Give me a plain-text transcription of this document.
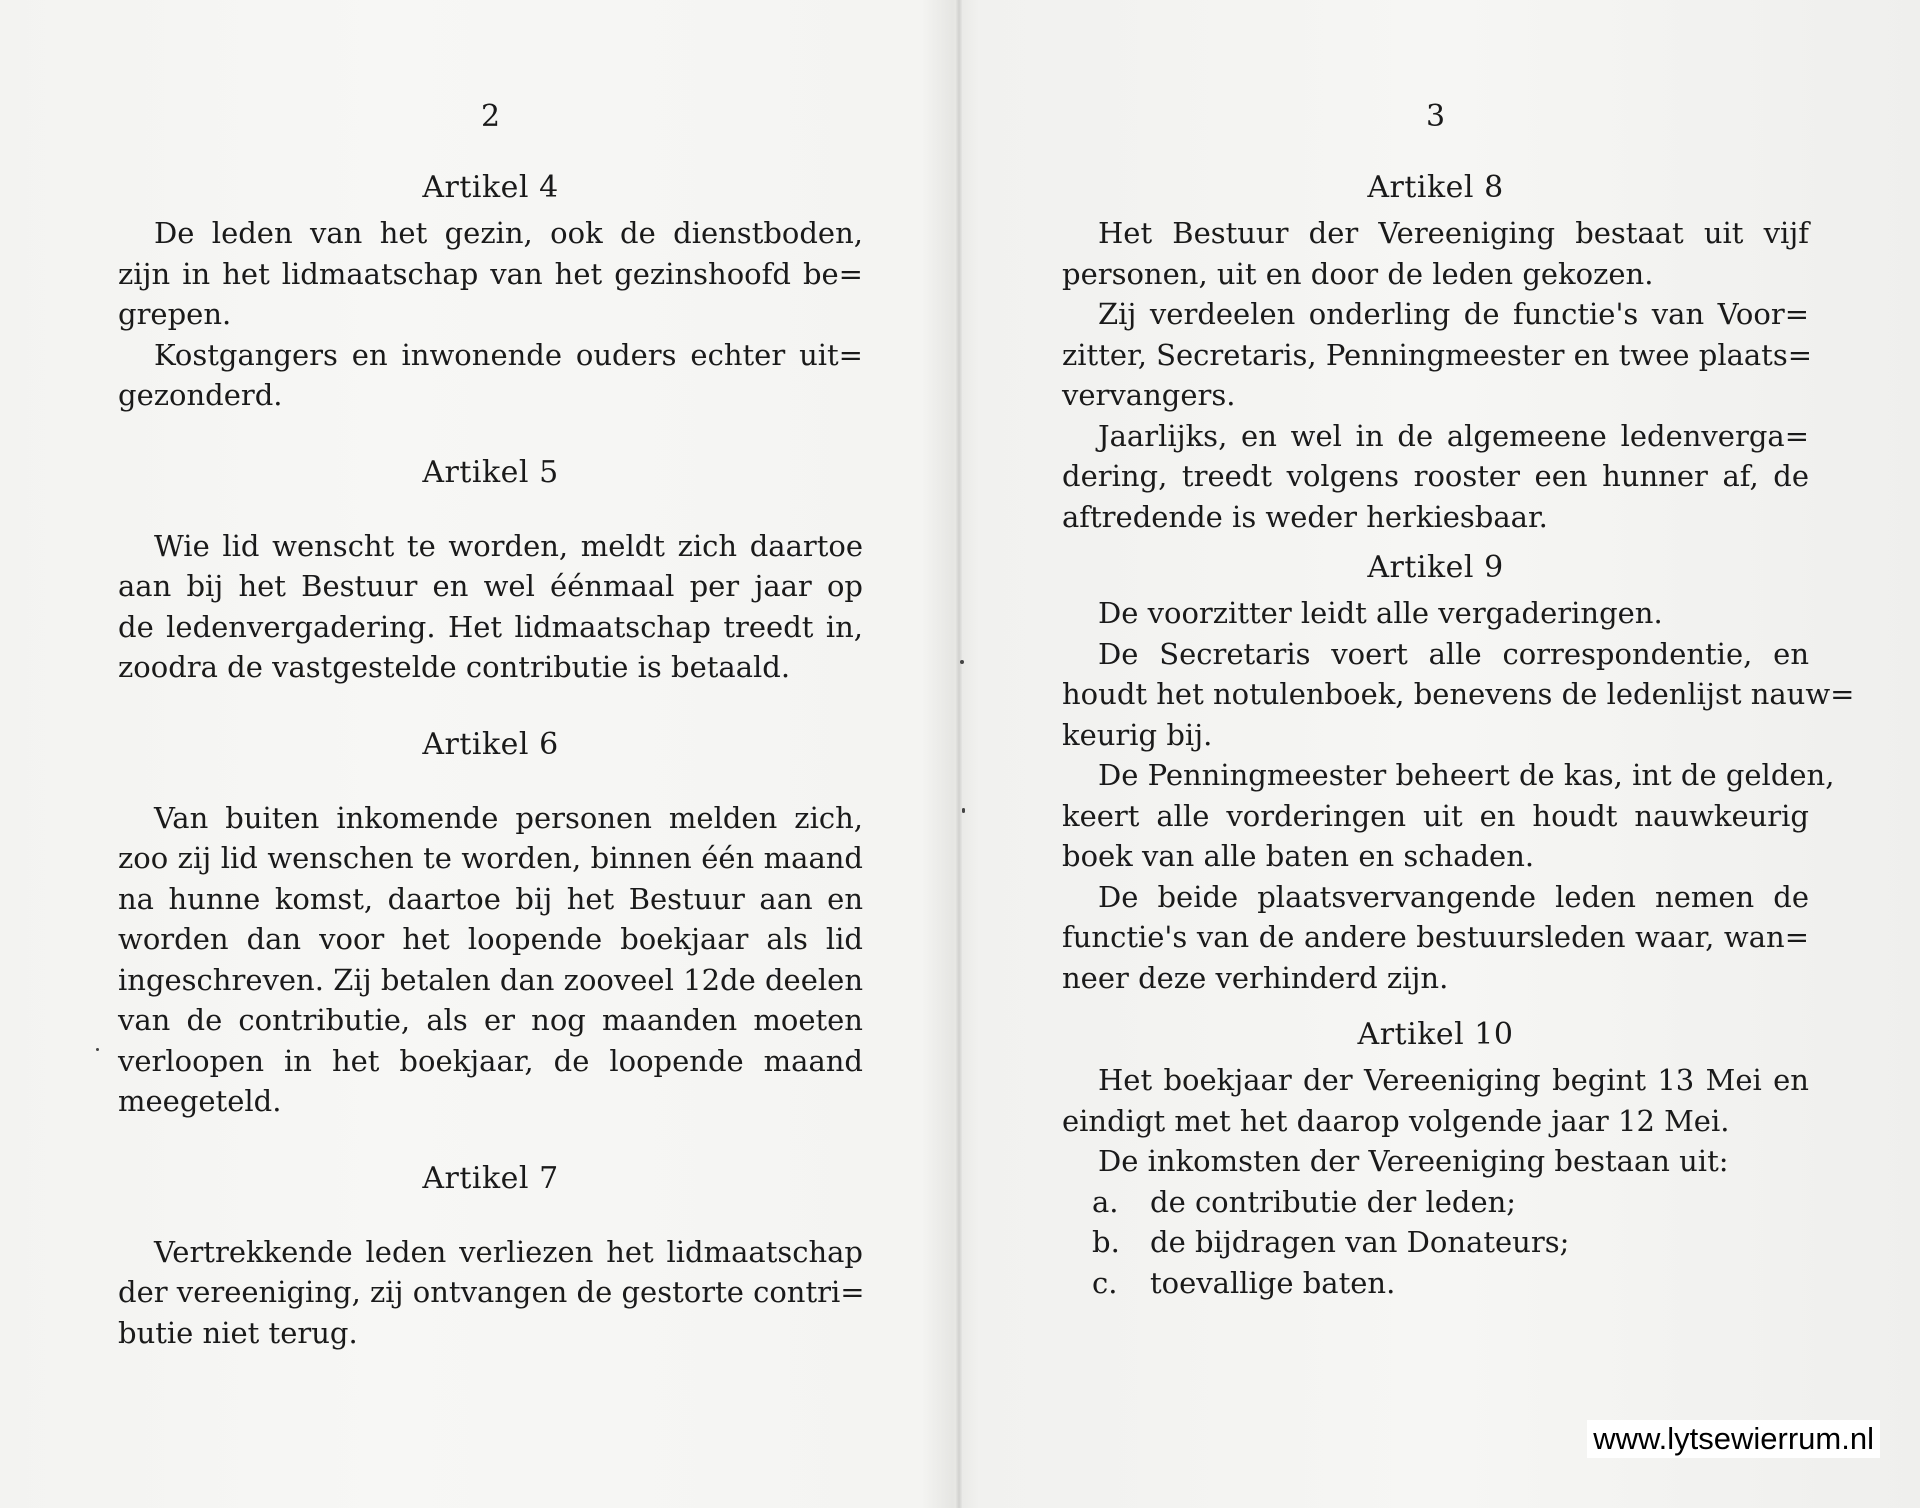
2
Artikel 4
De leden van het gezin, ook de dienstboden,
zijn in het lidmaatschap van het gezinshoofd be=
grepen.
Kostgangers en inwonende ouders echter uit=
gezonderd.
Artikel 5
Wie lid wenscht te worden, meldt zich daartoe
aan bij het Bestuur en wel éénmaal per jaar op
de ledenvergadering. Het lidmaatschap treedt in,
zoodra de vastgestelde contributie is betaald.
Artikel 6
Van buiten inkomende personen melden zich,
zoo zij lid wenschen te worden, binnen één maand
na hunne komst, daartoe bij het Bestuur aan en
worden dan voor het loopende boekjaar als lid
ingeschreven. Zij betalen dan zooveel 12de deelen
van de contributie, als er nog maanden moeten
verloopen in het boekjaar, de loopende maand
meegeteld.
Artikel 7
Vertrekkende leden verliezen het lidmaatschap
der vereeniging, zij ontvangen de gestorte contri=
butie niet terug.
3
Artikel 8
Het Bestuur der Vereeniging bestaat uit vijf
personen, uit en door de leden gekozen.
Zij verdeelen onderling de functie's van Voor=
zitter, Secretaris, Penningmeester en twee plaats=
vervangers.
Jaarlijks, en wel in de algemeene ledenverga=
dering, treedt volgens rooster een hunner af, de
aftredende is weder herkiesbaar.
Artikel 9
De voorzitter leidt alle vergaderingen.
De Secretaris voert alle correspondentie, en
houdt het notulenboek, benevens de ledenlijst nauw=
keurig bij.
De Penningmeester beheert de kas, int de gelden,
keert alle vorderingen uit en houdt nauwkeurig
boek van alle baten en schaden.
De beide plaatsvervangende leden nemen de
functie's van de andere bestuursleden waar, wan=
neer deze verhinderd zijn.
Artikel 10
Het boekjaar der Vereeniging begint 13 Mei en
eindigt met het daarop volgende jaar 12 Mei.
De inkomsten der Vereeniging bestaan uit:
a. de contributie der leden;
b. de bijdragen van Donateurs;
c. toevallige baten.
www.lytsewierrum.nl
